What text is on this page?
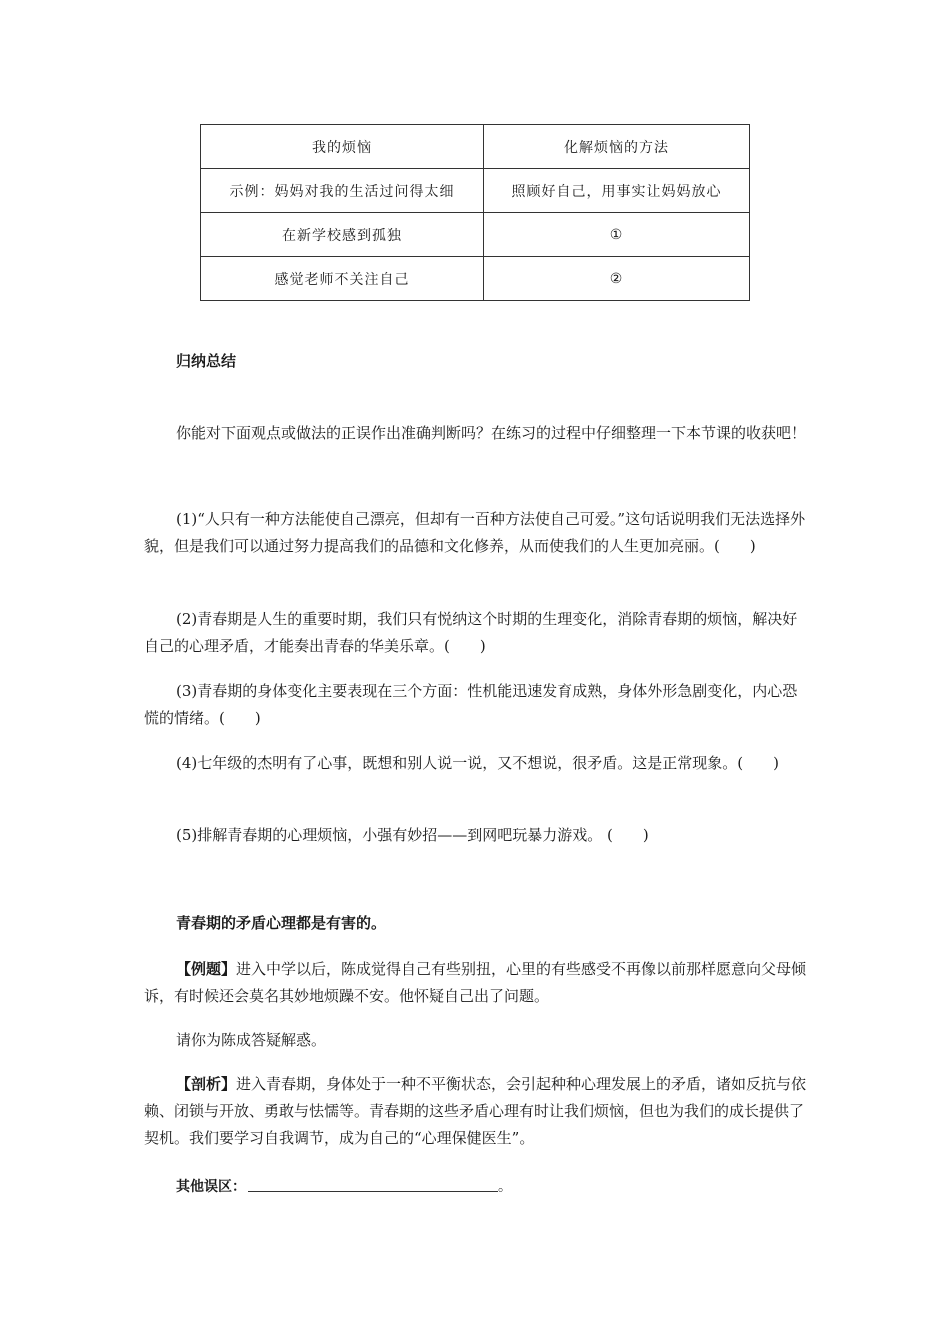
我的烦恼	化解烦恼的方法
示例：妈妈对我的生活过问得太细	照顾好自己，用事实让妈妈放心
在新学校感到孤独	①
感觉老师不关注自己	②
归纳总结

你能对下面观点或做法的正误作出准确判断吗？在练习的过程中仔细整理一下本节课的收获吧！

(1)“人只有一种方法能使自己漂亮，但却有一百种方法使自己可爱。”这句话说明我们无法选择外貌，但是我们可以通过努力提高我们的品德和文化修养，从而使我们的人生更加亮丽。(　　)

(2)青春期是人生的重要时期，我们只有悦纳这个时期的生理变化，消除青春期的烦恼，解决好自己的心理矛盾，才能奏出青春的华美乐章。(　　)

(3)青春期的身体变化主要表现在三个方面：性机能迅速发育成熟，身体外形急剧变化，内心恐慌的情绪。(　　)

(4)七年级的杰明有了心事，既想和别人说一说，又不想说，很矛盾。这是正常现象。(　　)

(5)排解青春期的心理烦恼，小强有妙招——到网吧玩暴力游戏。 (　　)

青春期的矛盾心理都是有害的。

【例题】进入中学以后，陈成觉得自己有些别扭，心里的有些感受不再像以前那样愿意向父母倾诉，有时候还会莫名其妙地烦躁不安。他怀疑自己出了问题。

请你为陈成答疑解惑。

【剖析】进入青春期，身体处于一种不平衡状态，会引起种种心理发展上的矛盾，诸如反抗与依赖、闭锁与开放、勇敢与怯懦等。青春期的这些矛盾心理有时让我们烦恼，但也为我们的成长提供了契机。我们要学习自我调节，成为自己的“心理保健医生”。

其他误区：	。
